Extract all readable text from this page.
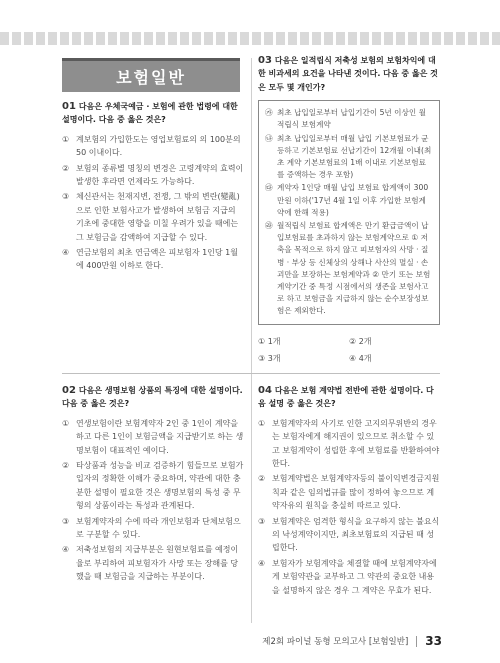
보험일반

01 다음은 우체국예금 · 보험에 관한 법령에 대한 설명이다. 다음 중 옳은 것은?

① 계보험의 가입한도는 영업보험료의 의 100분의 50 이내이다.
② 보험의 종류별 명칭의 변경은 고령계약의 효력이 발생한 후라면 언제라도 가능하다.
③ 체신관서는 천재지변, 전쟁, 그 밖의 변란(變亂)으로 인한 보험사고가 발생하여 보험금 지급의 기초에 중대한 영향을 미칠 우려가 있을 때에는 그 보험금을 감액하여 지급할 수 있다.
④ 연금보험의 최초 연금액은 피보험자 1인당 1월에 400만원 이하로 한다.

03 다음은 일적립식 저축성 보험의 보험차익에 대한 비과세의 요건을 나타낸 것이다. 다음 중 옳은 것은 모두 몇 개인가?

㉮ 최초 납입일로부터 납입기간이 5년 이상인 월적립식 보험계약
㉯ 최초 납입일로부터 매월 납입 기본보험료가 균등하고 기본보험료 선납기간이 12개월 이내(최초 계약 기본보험료의 1배 이내로 기본보험료를 증액하는 경우 포함)
㉰ 계약자 1인당 매월 납입 보험료 합계액이 300만원 이하('17년 4월 1일 이후 가입한 보험계약에 한해 적용)
㉱ 월적립식 보험료 합계액은 만기 환급금액이 납입보험료를 초과하지 않는 보험계약으로 ① 저축을 목적으로 하지 않고 피보험자의 사망 · 질병 · 부상 등 신체상의 상해나 사산의 멸실 · 손괴만을 보장하는 보험계약과 ② 만기 또는 보험 계약기간 중 특정 시점에서의 생존을 보험사고로 하고 보험금을 지급하지 않는 순수보장성보험은 제외한다.
① 1개	② 2개
③ 3개	④ 4개

02 다음은 생명보험 상품의 특징에 대한 설명이다. 다음 중 옳은 것은?

① 연생보험이란 보험계약자 2인 중 1인이 계약을 하고 다른 1인이 보험금액을 지급받기로 하는 생명보험이 대표적인 예이다.
② 타상품과 성능을 비교 검증하기 힘들므로 보험가입자의 정확한 이해가 중요하며, 약관에 대한 충분한 설명이 필요한 것은 생명보험의 특성 중 무형의 상품이라는 특성과 관계된다.
③ 보험계약자의 수에 따라 개인보험과 단체보험으로 구분할 수 있다.
④ 저축성보험의 지급부분은 원현보험료를 예정이율로 부리하여 피보험자가 사망 또는 장해를 당했을 때 보험금을 지급하는 부분이다.

04 다음은 보험 계약법 전반에 관한 설명이다. 다음 설명 중 옳은 것은?

① 보험계약자의 사기로 인한 고지의무위반의 경우는 보험자에게 해지권이 있으므로 취소할 수 있고 보험계약이 성립한 후에 보험료를 반환하여야 한다.
② 보험계약법은 보험계약자등의 불이익변경금지원칙과 같은 임의법규를 많이 정하여 놓으므로 계약자유의 원칙을 충실히 따르고 있다.
③ 보험계약은 엄격한 형식을 요구하지 않는 불요식의 낙성계약이지만, 최초보험료의 지급된 때 성립한다.
④ 보험자가 보험계약을 체결할 때에 보험계약자에게 보험약관을 교부하고 그 약관의 중요한 내용을 설명하지 않은 경우 그 계약은 무효가 된다.
제2회 파이널 동형 모의고사 [보험일반] 33
